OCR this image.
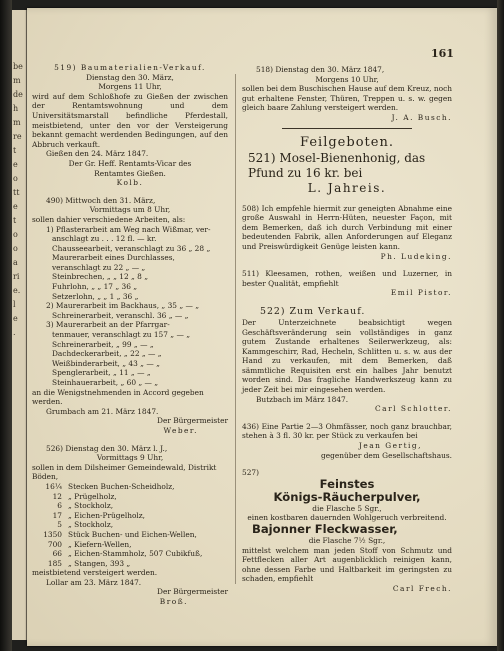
be
m
de
h
m
re
t
e
o
tt
e
t
o
o
a
ri
e.
l
e
.
161

519) Baumaterialien-Verkauf.

Dienstag den 30. März,

Morgens 11 Uhr,

wird auf dem Schloßhofe zu Gießen der zwischen der Rentamtswohnung und dem Universitätsmarstall befindliche Pferdestall, meistbietend, unter den vor der Versteigerung bekannt gemacht werdenden Bedingungen, auf den Abbruch verkauft.

Gießen den 24. März 1847.

Der Gr. Heff. Rentamts-Vicar des

Rentamtes Gießen.

Kolb.

490) Mittwoch den 31. März,

Vormittags um 8 Uhr,

sollen dahier verschiedene Arbeiten, als:

1) Pflasterarbeit am Weg nach Wißmar, ver-

anschlagt zu . . . 12 fl. — kr.

Chausseearbeit, veranschlagt zu 36 „ 28 „

Maurerarbeit eines Durchlasses,

veranschlagt zu 22 „ — „

Steinbrechen, „ „ 12 „ 8 „

Fuhrlohn, „ „ 17 „ 36 „

Setzerlohn, „ „ 1 „ 36 „

2) Maurerarbeit im Backhaus, „ 35 „ — „

Schreinerarbeit, veranschl. 36 „ — „

3) Maurerarbeit an der Pfarrgar-

tenmauer, veranschlagt zu 157 „ — „

Schreinerarbeit, „ 99 „ — „

Dachdeckerarbeit, „ 22 „ — „

Weißbinderarbeit, „ 43 „ — „

Spenglerarbeit, „ 11 „ — „

Steinhauerarbeit, „ 60 „ — „

an die Wenigstnehmenden in Accord gegeben werden.

Grumbach am 21. März 1847.

Der Bürgermeister

Weber.

526) Dienstag den 30. März l. J.,

Vormittags 9 Uhr,

sollen in dem Dilsheimer Gemeindewald, Distrikt

Böden,

16¼ Stecken Buchen-Scheidholz,
12 „ Prügelholz,
6 „ Stockholz,
17 „ Eichen-Prügelholz,
5 „ Stockholz,
1350 Stück Buchen- und Eichen-Wellen,
700 „ Kiefern-Wellen,
66 „ Eichen-Stammholz, 507 Cubikfuß,
185 „ Stangen, 393 „

meistbietend versteigert werden.

Lollar am 23. März 1847.

Der Bürgermeister

Broß.

518) Dienstag den 30. März 1847,

Morgens 10 Uhr,

sollen bei dem Buschischen Hause auf dem Kreuz, noch gut erhaltene Fenster, Thüren, Treppen u. s. w. gegen gleich baare Zahlung versteigert werden.

J. A. Busch.

Feilgeboten.

521) Mosel-Bienenhonig, das

Pfund zu 16 kr. bei

L. Jahreis.

508) Ich empfehle hiermit zur geneigten Abnahme eine große Auswahl in Herrn-Hüten, neuester Façon, mit dem Bemerken, daß ich durch Verbindung mit einer bedeutenden Fabrik, allen Anforderungen auf Eleganz und Preiswürdigkeit Genüge leisten kann.

Ph. Ludeking.

511) Kleesamen, rothen, weißen und Luzerner, in bester Qualität, empfiehlt

Emil Pistor.

522) Zum Verkauf.

Der Unterzeichnete beabsichtigt wegen Geschäftsveränderung sein vollständiges in ganz gutem Zustande erhaltenes Seilerwerkzeug, als: Kammgeschirr, Rad, Hecheln, Schlitten u. s. w. aus der Hand zu verkaufen, mit dem Bemerken, daß sämmtliche Requisiten erst ein halbes Jahr benutzt worden sind. Das fragliche Handwerkszeug kann zu jeder Zeit bei mir eingesehen werden.

Butzbach im März 1847.

Carl Schlotter.

436) Eine Partie 2—3 Ohmfässer, noch ganz brauchbar, stehen à 3 fl. 30 kr. per Stück zu verkaufen bei

Jean Gertig,

gegenüber dem Gesellschaftshaus.

527)

Feinstes

Königs-Räucherpulver,

die Flasche 5 Sgr.,

einen kostbaren dauernden Wohlgeruch verbreitend.

Bajonner Fleckwasser,

die Flasche 7½ Sgr.,

mittelst welchem man jeden Stoff von Schmutz und Fettflecken aller Art augenblicklich reinigen kann, ohne dessen Farbe und Haltbarkeit im geringsten zu schaden, empfiehlt

Carl Frech.
